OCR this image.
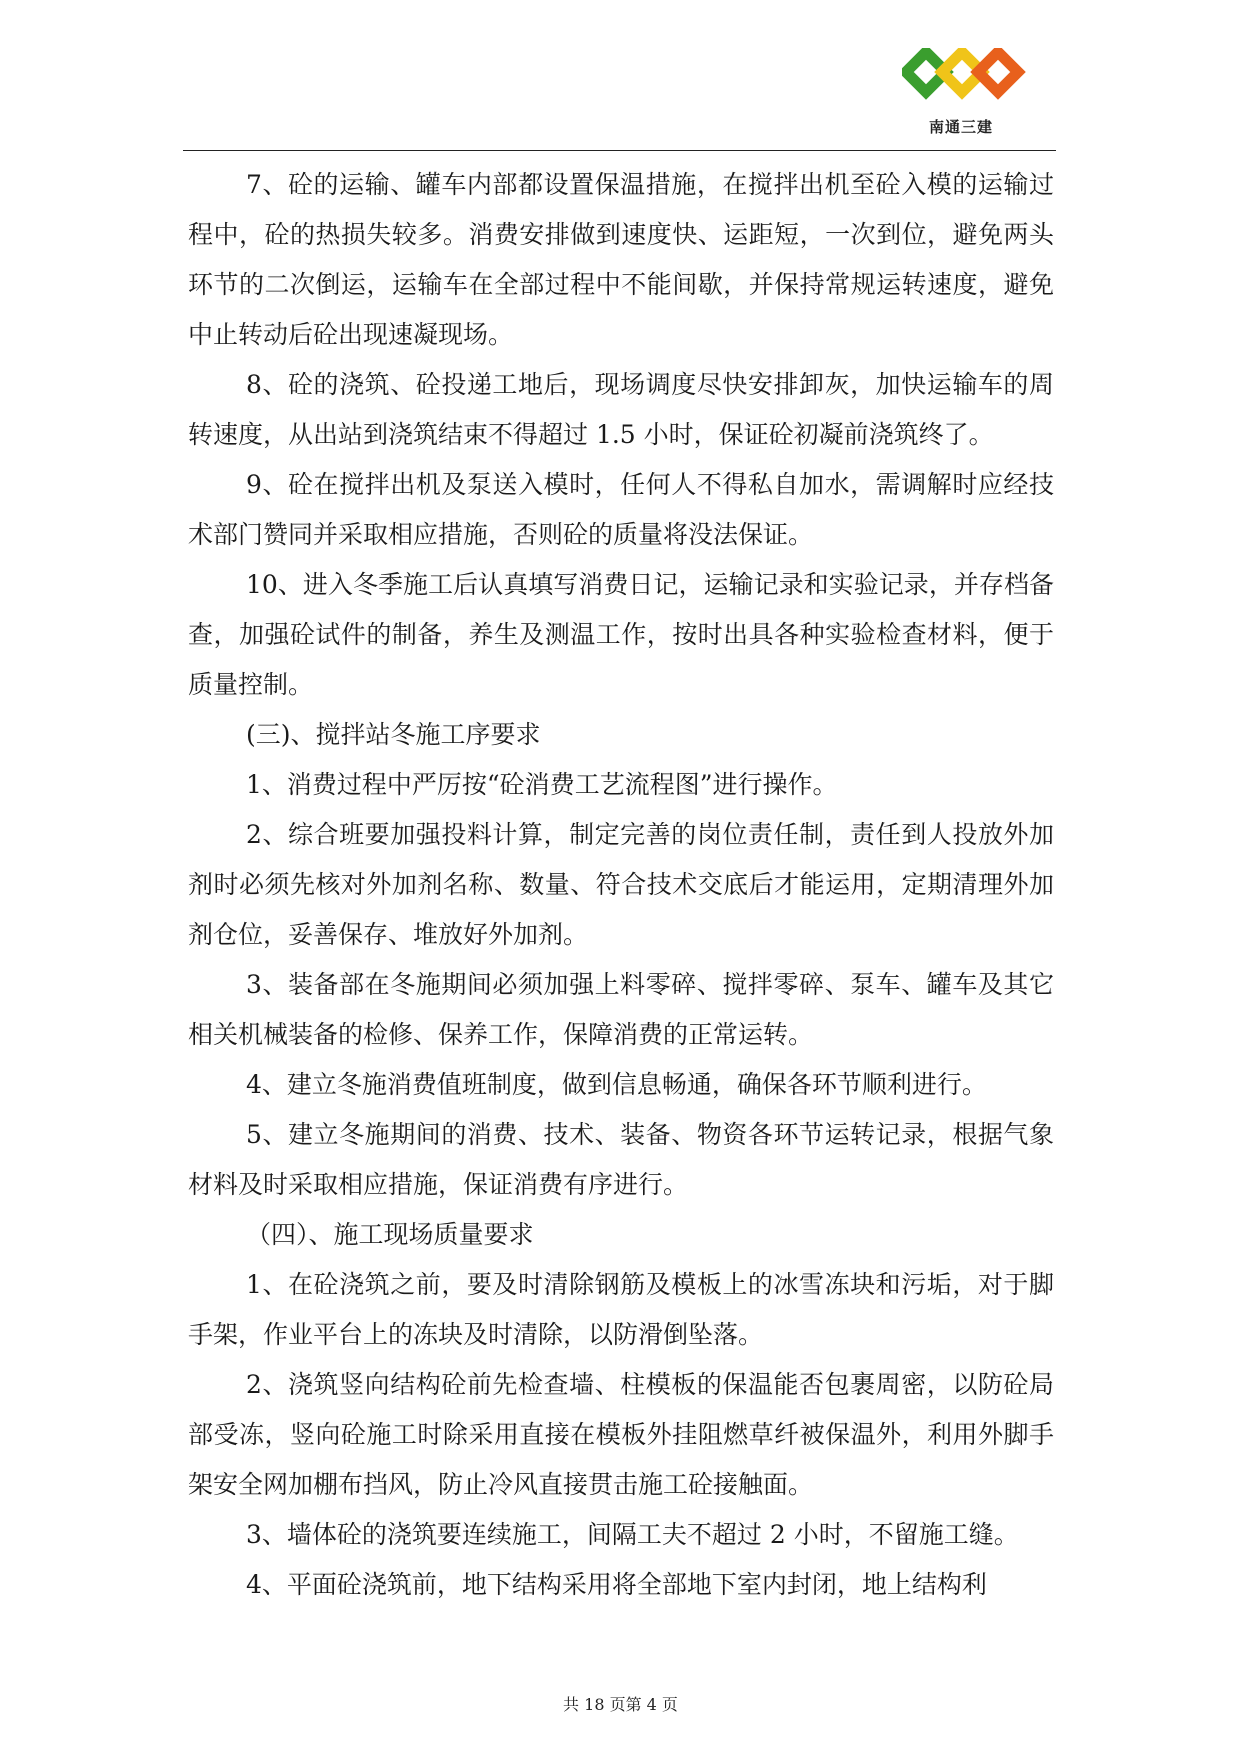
南通三建

7、砼的运输、罐车内部都设置保温措施，在搅拌出机至砼入模的运输过程中，砼的热损失较多。消费安排做到速度快、运距短，一次到位，避免两头环节的二次倒运，运输车在全部过程中不能间歇，并保持常规运转速度，避免中止转动后砼出现速凝现场。

8、砼的浇筑、砼投递工地后，现场调度尽快安排卸灰，加快运输车的周转速度，从出站到浇筑结束不得超过 1.5 小时，保证砼初凝前浇筑终了。

9、砼在搅拌出机及泵送入模时，任何人不得私自加水，需调解时应经技术部门赞同并采取相应措施，否则砼的质量将没法保证。

10、进入冬季施工后认真填写消费日记，运输记录和实验记录，并存档备查，加强砼试件的制备，养生及测温工作，按时出具各种实验检查材料，便于质量控制。

(三)、搅拌站冬施工序要求

1、消费过程中严厉按“砼消费工艺流程图”进行操作。

2、综合班要加强投料计算，制定完善的岗位责任制，责任到人投放外加剂时必须先核对外加剂名称、数量、符合技术交底后才能运用，定期清理外加剂仓位，妥善保存、堆放好外加剂。

3、装备部在冬施期间必须加强上料零碎、搅拌零碎、泵车、罐车及其它相关机械装备的检修、保养工作，保障消费的正常运转。

4、建立冬施消费值班制度，做到信息畅通，确保各环节顺利进行。

5、建立冬施期间的消费、技术、装备、物资各环节运转记录，根据气象材料及时采取相应措施，保证消费有序进行。

（四）、施工现场质量要求

1、在砼浇筑之前，要及时清除钢筋及模板上的冰雪冻块和污垢，对于脚手架，作业平台上的冻块及时清除，以防滑倒坠落。

2、浇筑竖向结构砼前先检查墙、柱模板的保温能否包裹周密，以防砼局部受冻，竖向砼施工时除采用直接在模板外挂阻燃草纤被保温外，利用外脚手架安全网加棚布挡风，防止冷风直接贯击施工砼接触面。

3、墙体砼的浇筑要连续施工，间隔工夫不超过 2 小时，不留施工缝。

4、平面砼浇筑前，地下结构采用将全部地下室内封闭，地上结构利

共 18 页第 4 页
